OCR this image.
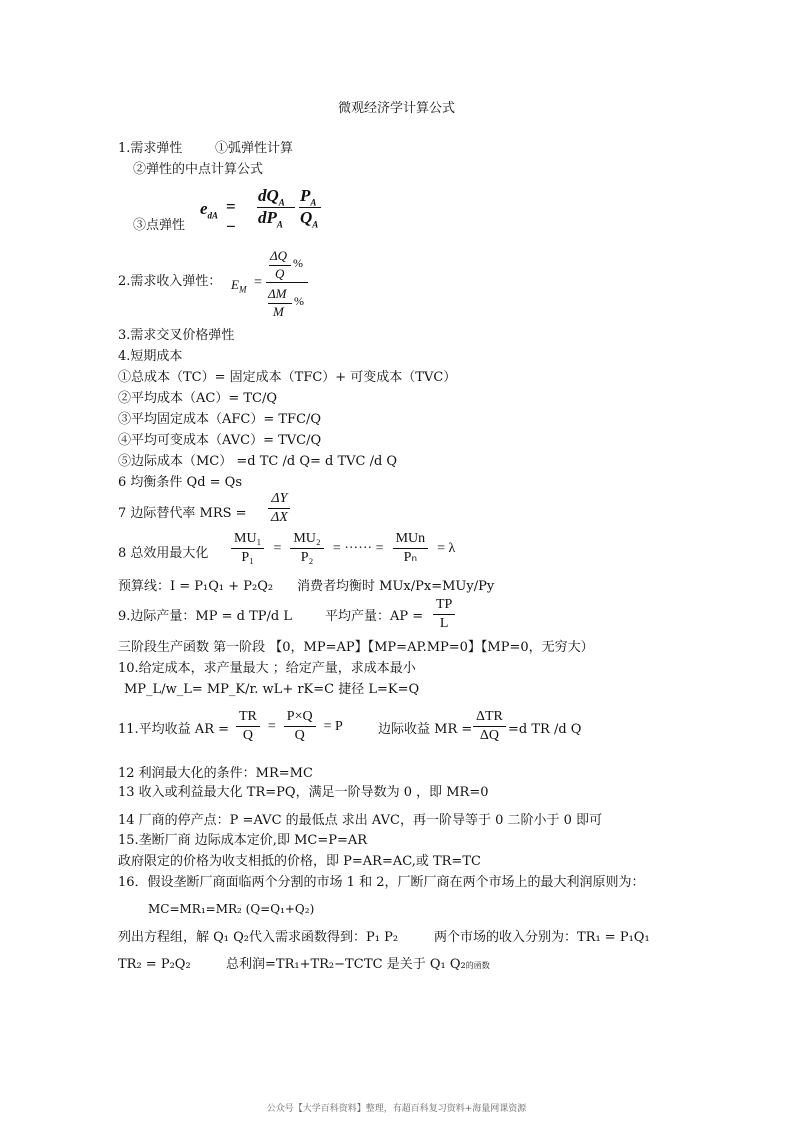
微观经济学计算公式
1.需求弹性	①弧弹性计算
②弹性的中点计算公式
$e_{dA}$ = −
$dQ_A$
$dP_A$
$P_A$
$Q_A$
③点弹性
2.需求收入弹性： $E_M$ =
ΔQ
Q
%
ΔM
M
%
3.需求交叉价格弹性
4.短期成本
①总成本（TC）= 固定成本（TFC）+ 可变成本（TVC）
②平均成本（AC）= TC/Q
③平均固定成本（AFC）= TFC/Q
④平均可变成本（AVC）= TVC/Q
⑤边际成本（MC） =d TC /d Q= d TVC /d Q
6 均衡条件 Qd = Qs
7 边际替代率 MRS = $\frac{\Delta Y}{\Delta X}$
8 总效用最大化 $\frac{\text{MU₁}}{\text{P₁}} = \frac{\text{MU₂}}{\text{P₂}}$ = ······ = $\frac{\text{MUn}}{\text{Pₙ}} = \lambda$
预算线：I = P₁Q₁ + P₂Q₂ 消费者均衡时 MUx/Px=MUy/Py
9.边际产量：MP = d TP/d L	平均产量：AP = $\frac{TP}{L}$
三阶段生产函数 第一阶段 【0，MP=AP】【MP=AP.MP=0】【MP=0，无穷大）
10.给定成本，求产量最大 ；给定产量，求成本最小
MP_L/w_L= MP_K/r. wL+ rK=C 捷径 L=K=Q
11.平均收益 AR = $\frac{TR}{Q} = \frac{P\times Q}{Q} = P$	边际收益 MR = $\frac{\text{ΔTR}}{\Delta Q} =d$ TR /d Q
12 利润最大化的条件：MR=MC
13 收入或利益最大化 TR=PQ，满足一阶导数为 0 ，即 MR=0
14 厂商的停产点：P =AVC 的最低点 求出 AVC，再一阶导等于 0 二阶小于 0 即可
15.垄断厂商 边际成本定价,即 MC=P=AR
政府限定的价格为收支相抵的价格，即 P=AR=AC,或 TR=TC
16．假设垄断厂商面临两个分割的市场 1 和 2，厂断厂商在两个市场上的最大利润原则为：
MC=MR₁=MR₂ (Q=Q₁+Q₂)
列出方程组，解 Q₁ Q₂代入需求函数得到：P₁ P₂	两个市场的收入分别为：TR₁ = P₁Q₁
TR₂ = P₂Q₂	总利润=TR₁+TR₂−TC TC 是关于 Q₁ Q₂的函数
公众号【大学百科资料】整理，有超百科复习资料+海量网课资源
